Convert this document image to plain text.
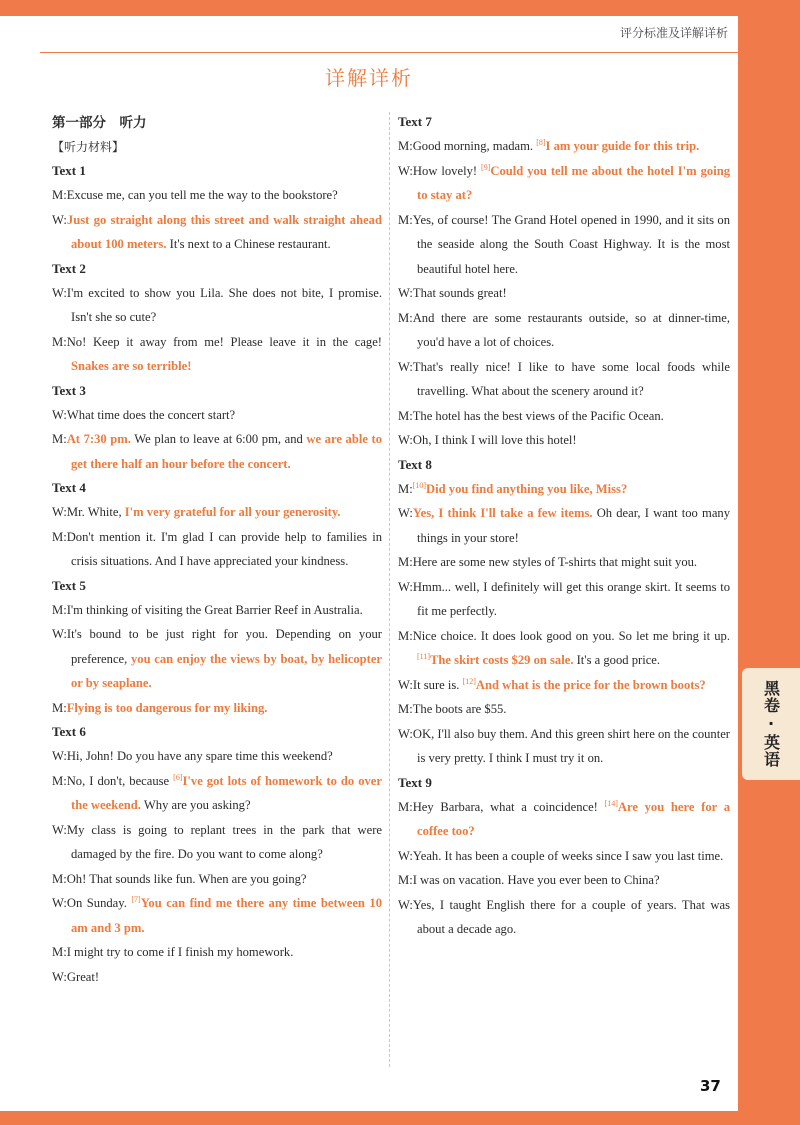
评分标准及详解详析
详解详析
第一部分　听力
【听力材料】
Text 1
M:Excuse me, can you tell me the way to the bookstore?
W:Just go straight along this street and walk straight ahead about 100 meters. It's next to a Chinese restaurant.
Text 2
W:I'm excited to show you Lila. She does not bite, I promise. Isn't she so cute?
M:No! Keep it away from me! Please leave it in the cage! Snakes are so terrible!
Text 3
W:What time does the concert start?
M:At 7:30 pm. We plan to leave at 6:00 pm, and we are able to get there half an hour before the concert.
Text 4
W:Mr. White, I'm very grateful for all your generosity.
M:Don't mention it. I'm glad I can provide help to families in crisis situations. And I have appreciated your kindness.
Text 5
M:I'm thinking of visiting the Great Barrier Reef in Australia.
W:It's bound to be just right for you. Depending on your preference, you can enjoy the views by boat, by helicopter or by seaplane.
M:Flying is too dangerous for my liking.
Text 6
W:Hi, John! Do you have any spare time this weekend?
M:No, I don't, because [6]I've got lots of homework to do over the weekend. Why are you asking?
W:My class is going to replant trees in the park that were damaged by the fire. Do you want to come along?
M:Oh! That sounds like fun. When are you going?
W:On Sunday. [7]You can find me there any time between 10 am and 3 pm.
M:I might try to come if I finish my homework.
W:Great!
Text 7
M:Good morning, madam. [8]I am your guide for this trip.
W:How lovely! [9]Could you tell me about the hotel I'm going to stay at?
M:Yes, of course! The Grand Hotel opened in 1990, and it sits on the seaside along the South Coast Highway. It is the most beautiful hotel here.
W:That sounds great!
M:And there are some restaurants outside, so at dinner-time, you'd have a lot of choices.
W:That's really nice! I like to have some local foods while travelling. What about the scenery around it?
M:The hotel has the best views of the Pacific Ocean.
W:Oh, I think I will love this hotel!
Text 8
M:[10]Did you find anything you like, Miss?
W:Yes, I think I'll take a few items. Oh dear, I want too many things in your store!
M:Here are some new styles of T-shirts that might suit you.
W:Hmm... well, I definitely will get this orange skirt. It seems to fit me perfectly.
M:Nice choice. It does look good on you. So let me bring it up. [11]The skirt costs $29 on sale. It's a good price.
W:It sure is. [12]And what is the price for the brown boots?
M:The boots are $55.
W:OK, I'll also buy them. And this green shirt here on the counter is very pretty. I think I must try it on.
Text 9
M:Hey Barbara, what a coincidence! [14]Are you here for a coffee too?
W:Yeah. It has been a couple of weeks since I saw you last time.
M:I was on vacation. Have you ever been to China?
W:Yes, I taught English there for a couple of years. That was about a decade ago.
黑卷·英语
37
